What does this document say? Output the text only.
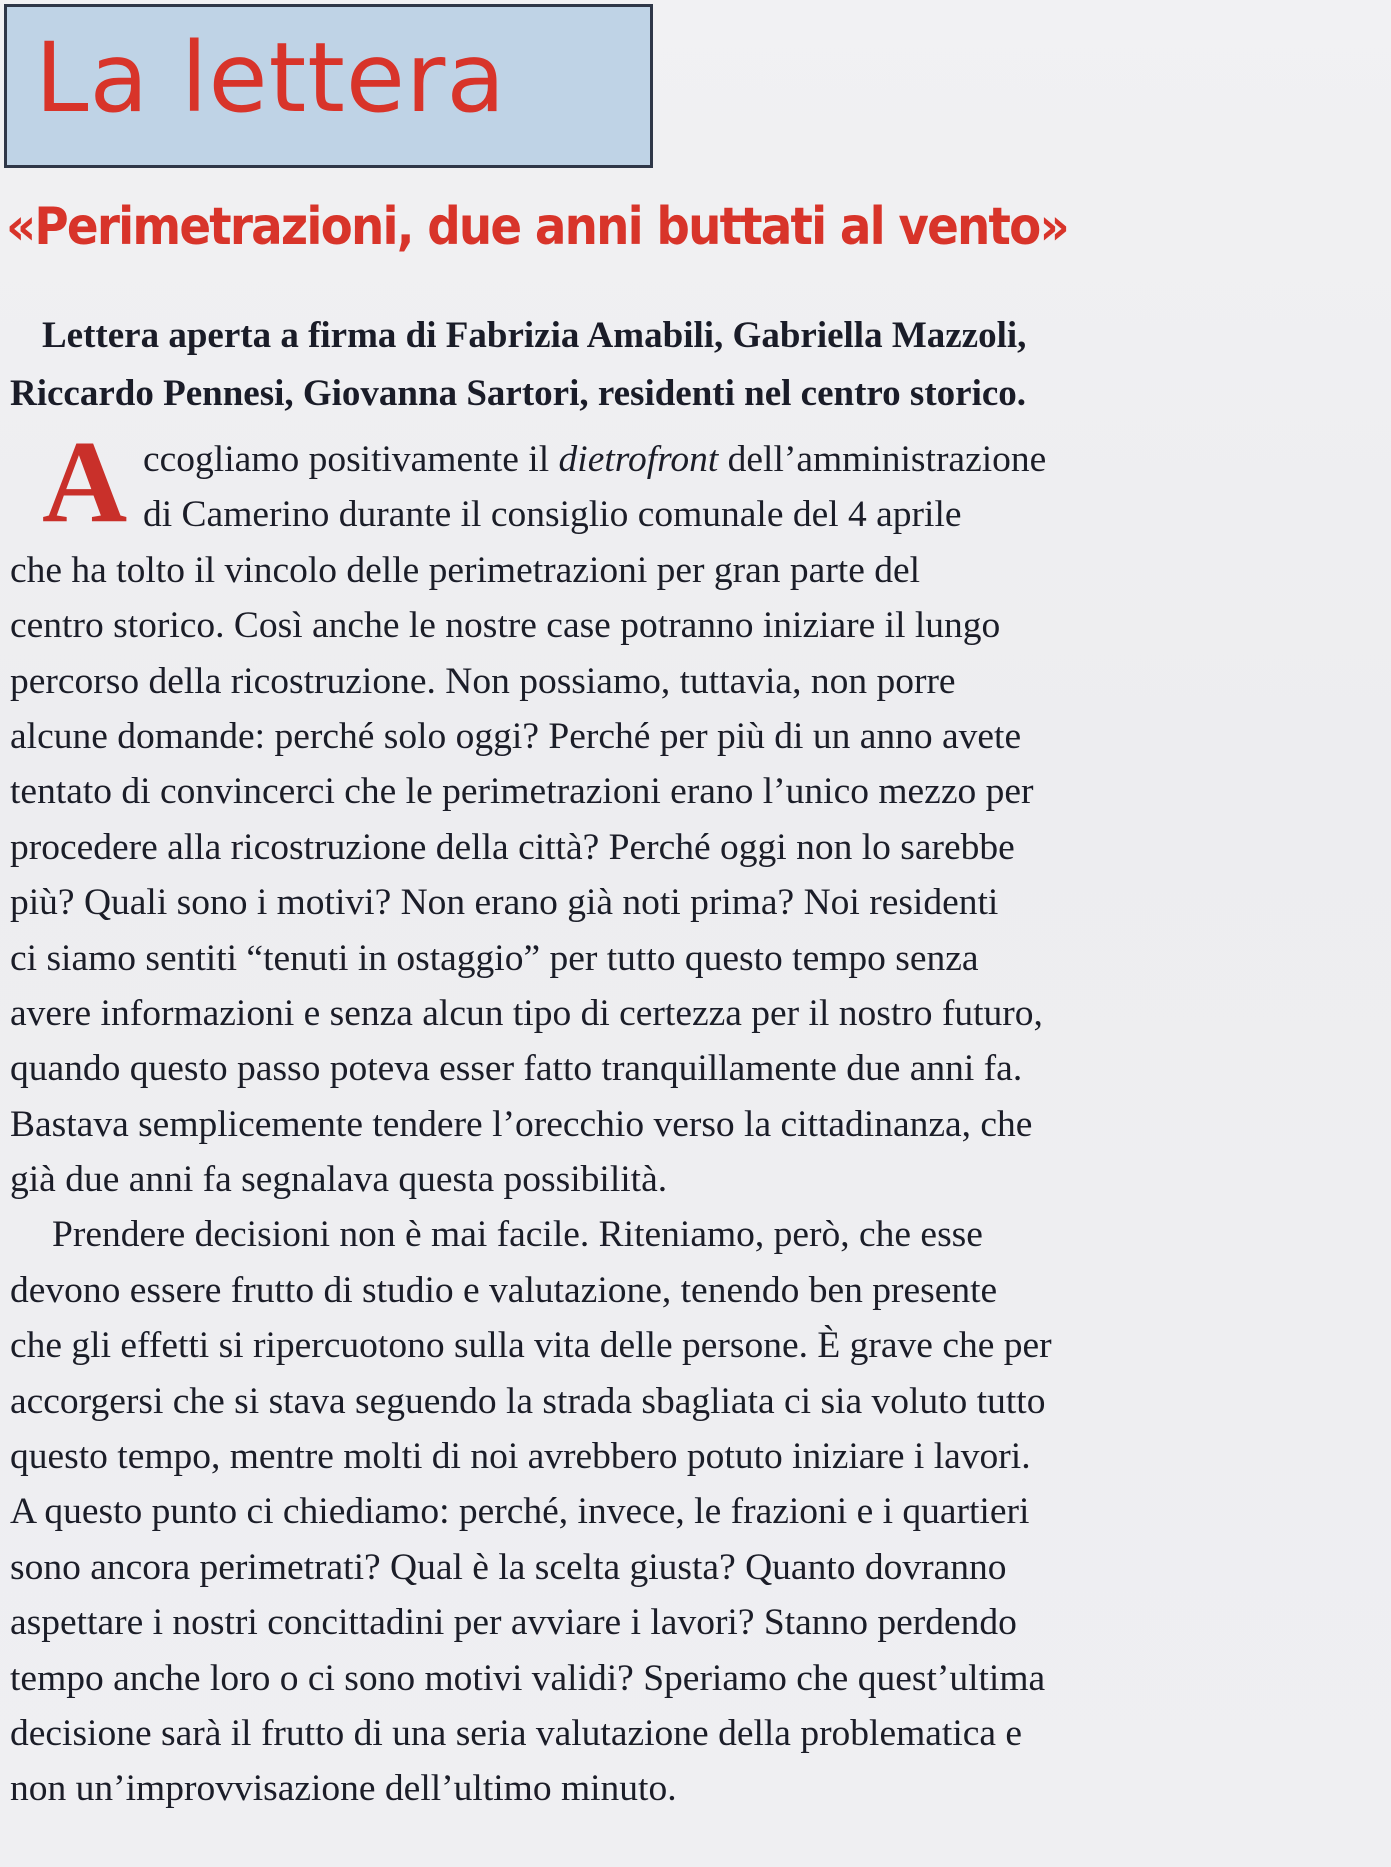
La lettera
«Perimetrazioni, due anni buttati al vento»
Lettera aperta a firma di Fabrizia Amabili, Gabriella Mazzoli,
Riccardo Pennesi, Giovanna Sartori, residenti nel centro storico.
A ccogliamo positivamente il dietrofront dell’amministrazione
di Camerino durante il consiglio comunale del 4 aprile
che ha tolto il vincolo delle perimetrazioni per gran parte del
centro storico. Così anche le nostre case potranno iniziare il lungo
percorso della ricostruzione. Non possiamo, tuttavia, non porre
alcune domande: perché solo oggi? Perché per più di un anno avete
tentato di convincerci che le perimetrazioni erano l’unico mezzo per
procedere alla ricostruzione della città? Perché oggi non lo sarebbe
più? Quali sono i motivi? Non erano già noti prima? Noi residenti
ci siamo sentiti “tenuti in ostaggio” per tutto questo tempo senza
avere informazioni e senza alcun tipo di certezza per il nostro futuro,
quando questo passo poteva esser fatto tranquillamente due anni fa.
Bastava semplicemente tendere l’orecchio verso la cittadinanza, che
già due anni fa segnalava questa possibilità.
Prendere decisioni non è mai facile. Riteniamo, però, che esse
devono essere frutto di studio e valutazione, tenendo ben presente
che gli effetti si ripercuotono sulla vita delle persone. È grave che per
accorgersi che si stava seguendo la strada sbagliata ci sia voluto tutto
questo tempo, mentre molti di noi avrebbero potuto iniziare i lavori.
A questo punto ci chiediamo: perché, invece, le frazioni e i quartieri
sono ancora perimetrati? Qual è la scelta giusta? Quanto dovranno
aspettare i nostri concittadini per avviare i lavori? Stanno perdendo
tempo anche loro o ci sono motivi validi? Speriamo che quest’ultima
decisione sarà il frutto di una seria valutazione della problematica e
non un’improvvisazione dell’ultimo minuto.
